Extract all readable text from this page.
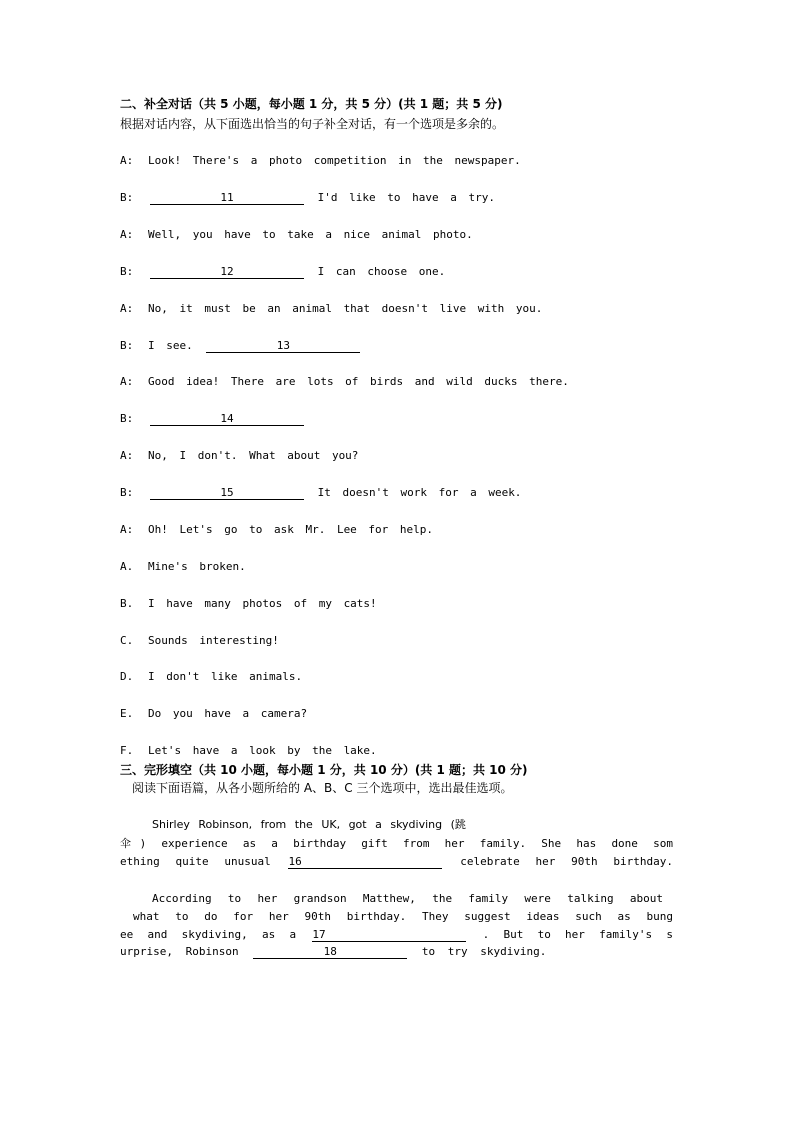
二、补全对话（共 5 小题，每小题 1 分，共 5 分）(共 1 题；共 5 分)
根据对话内容，从下面选出恰当的句子补全对话，有一个选项是多余的。
A: Look! There's a photo competition in the newspaper.
B:	11	I'd like to have a try.
A: Well, you have to take a nice animal photo.
B:	12	I can choose one.
A: No, it must be an animal that doesn't live with you.
B: I see.	13
A: Good idea! There are lots of birds and wild ducks there.
B:	14
A: No, I don't. What about you?
B:	15	It doesn't work for a week.
A: Oh! Let's go to ask Mr. Lee for help.
A. Mine's broken.
B. I have many photos of my cats!
C. Sounds interesting!
D. I don't like animals.
E. Do you have a camera?
F. Let's have a look by the lake.
三、完形填空（共 10 小题，每小题 1 分，共 10 分）(共 1 题；共 10 分)
阅读下面语篇，从各小题所给的 A、B、C 三个选项中，选出最佳选项。
Shirley Robinson, from the UK, got a skydiving (跳
伞) experience as a birthday gift from her family. She has done som
ething quite unusual 16	celebrate her 90th birthday.
According to her grandson Matthew, the family were talking about
what to do for her 90th birthday. They suggest ideas such as bung
ee and skydiving, as a 17	. But to her family's s
urprise, Robinson	18	to try skydiving.
